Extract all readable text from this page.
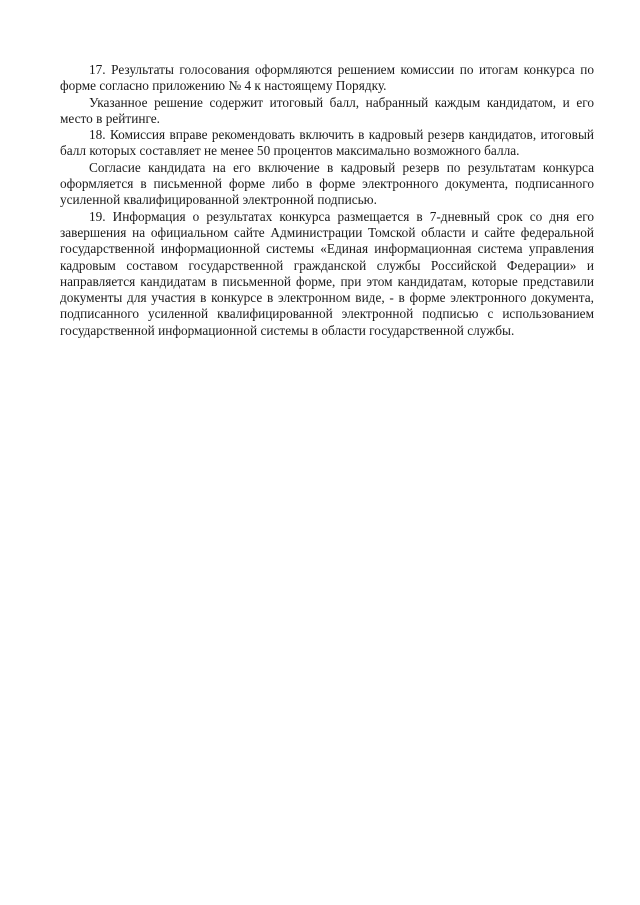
17. Результаты голосования оформляются решением комиссии по итогам конкурса по форме согласно приложению № 4 к настоящему Порядку.

Указанное решение содержит итоговый балл, набранный каждым кандидатом, и его место в рейтинге.

18. Комиссия вправе рекомендовать включить в кадровый резерв кандидатов, итоговый балл которых составляет не менее 50 процентов максимально возможного балла.

Согласие кандидата на его включение в кадровый резерв по результатам конкурса оформляется в письменной форме либо в форме электронного документа, подписанного усиленной квалифицированной электронной подписью.

19. Информация о результатах конкурса размещается в 7-дневный срок со дня его завершения на официальном сайте Администрации Томской области и сайте федеральной государственной информационной системы «Единая информационная система управления кадровым составом государственной гражданской службы Российской Федерации» и направляется кандидатам в письменной форме, при этом кандидатам, которые представили документы для участия в конкурсе в электронном виде, - в форме электронного документа, подписанного усиленной квалифицированной электронной подписью с использованием государственной информационной системы в области государственной службы.
